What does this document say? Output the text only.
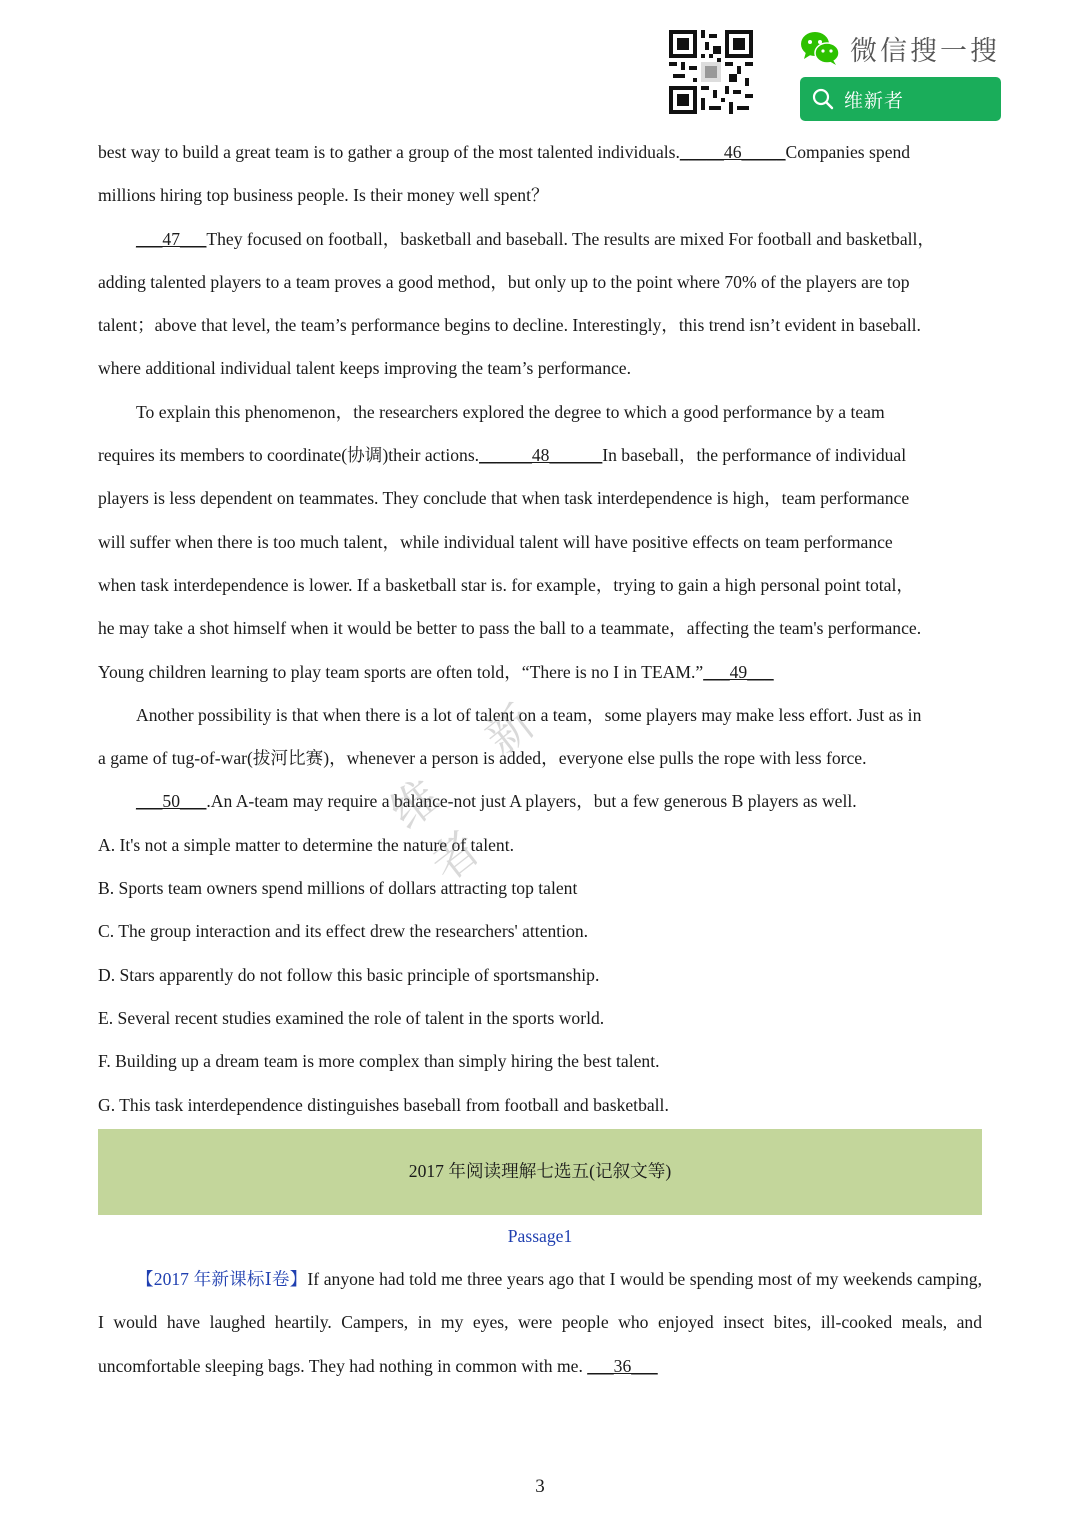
微信搜一搜
维新者

best way to build a great team is to gather a group of the most talented individuals._____46_____Companies spend

millions hiring top business people. Is their money well spent？

___47___They focused on football，basketball and baseball. The results are mixed For football and basketball，

adding talented players to a team proves a good method，but only up to the point where 70% of the players are top

talent；above that level, the team’s performance begins to decline. Interestingly，this trend isn’t evident in baseball.

where additional individual talent keeps improving the team’s performance.

To explain this phenomenon，the researchers explored the degree to which a good performance by a team

requires its members to coordinate(协调)their actions.______48______In baseball，the performance of individual

players is less dependent on teammates. They conclude that when task interdependence is high，team performance

will suffer when there is too much talent，while individual talent will have positive effects on team performance

when task interdependence is lower. If a basketball star is. for example，trying to gain a high personal point total，

he may take a shot himself when it would be better to pass the ball to a teammate，affecting the team's performance.

Young children learning to play team sports are often told，“There is no I in TEAM.”___49___

Another possibility is that when there is a lot of talent on a team，some players may make less effort. Just as in

a game of tug-of-war(拔河比赛)，whenever a person is added，everyone else pulls the rope with less force.

___50___.An A-team may require a balance-not just A players，but a few generous B players as well.

A. It's not a simple matter to determine the nature of talent.

B. Sports team owners spend millions of dollars attracting top talent

C. The group interaction and its effect drew the researchers' attention.

D. Stars apparently do not follow this basic principle of sportsmanship.

E. Several recent studies examined the role of talent in the sports world.

F. Building up a dream team is more complex than simply hiring the best talent.

G. This task interdependence distinguishes baseball from football and basketball.

2017 年阅读理解七选五(记叙文等)

Passage1

【2017 年新课标Ⅰ卷】If anyone had told me three years ago that I would be spending most of my weekends camping, I would have laughed heartily. Campers, in my eyes, were people who enjoyed insect bites, ill-cooked meals, and uncomfortable sleeping bags. They had nothing in common with me. ___36___

维 新 者
3
